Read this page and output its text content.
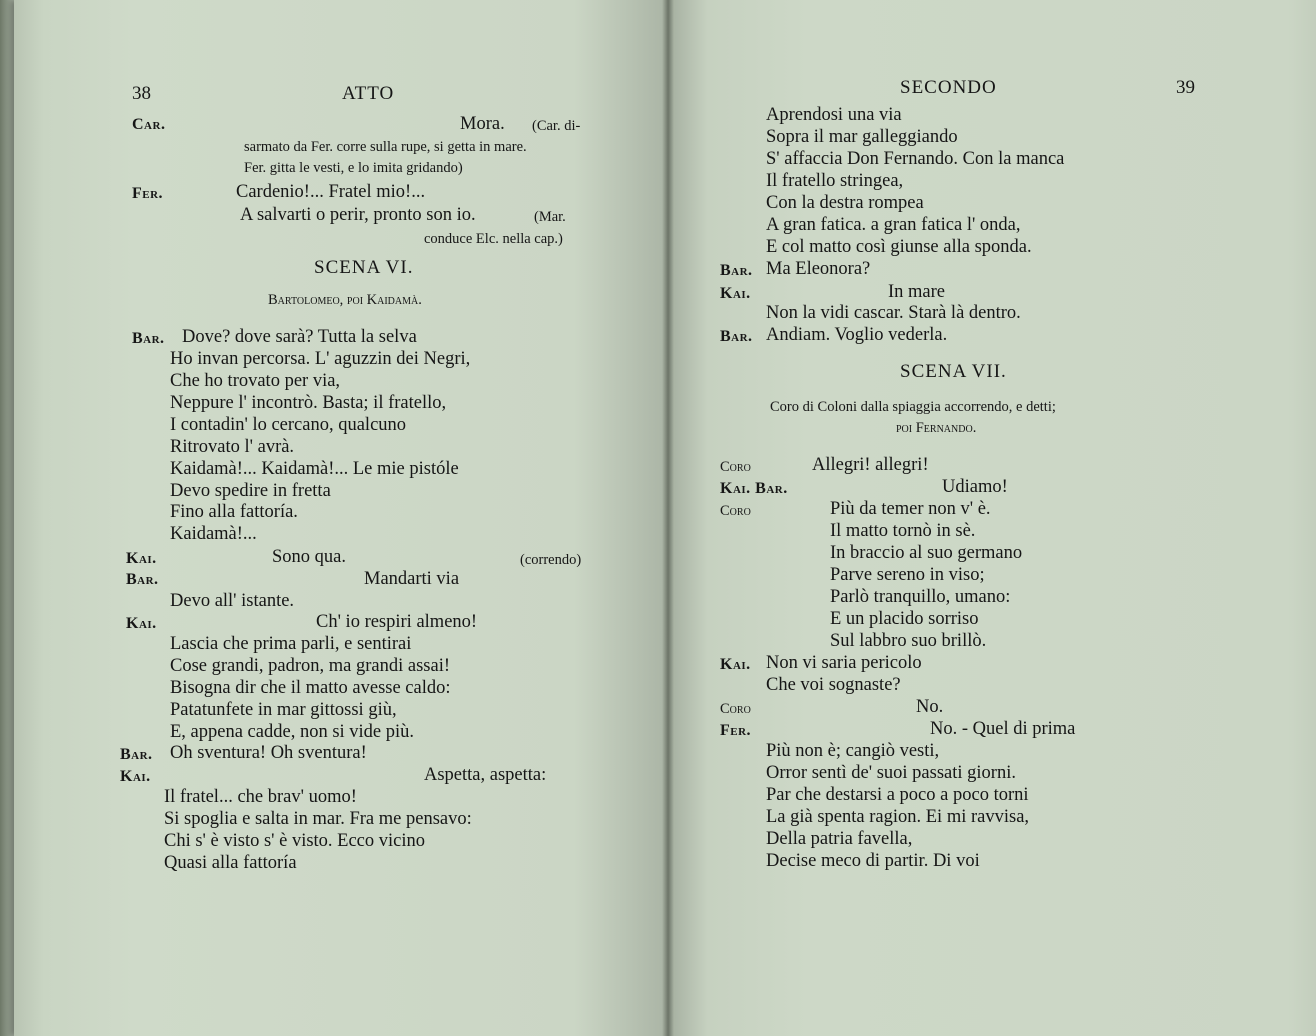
38	ATTO
Car.	Mora. (Car. di-
sarmato da Fer. corre sulla rupe, si getta in mare.
Fer. gitta le vesti, e lo imita gridando)
Fer.	Cardenio!... Fratel mio!...
A salvarti o perir, pronto son io.	(Mar.
conduce Elc. nella cap.)
SCENA VI.
Bartolomeo, poi Kaidamà.
Bar. Dove? dove sarà? Tutta la selva
Ho invan percorsa. L' aguzzin dei Negri,
Che ho trovato per via,
Neppure l' incontrò. Basta; il fratello,
I contadin' lo cercano, qualcuno
Ritrovato l' avrà.
Kaidamà!... Kaidamà!... Le mie pistóle
Devo spedire in fretta
Fino alla fattoría.
Kaidamà!...
Kai.	Sono qua.	(correndo)
Bar.	Mandarti via
Devo all' istante.
Kai.	Ch' io respiri almeno!
Lascia che prima parli, e sentirai
Cose grandi, padron, ma grandi assai!
Bisogna dir che il matto avesse caldo:
Patatunfete in mar gittossi giù,
E, appena cadde, non si vide più.
Bar. Oh sventura! Oh sventura!
Kai.	Aspetta, aspetta:
Il fratel... che brav' uomo!
Si spoglia e salta in mar. Fra me pensavo:
Chi s' è visto s' è visto. Ecco vicino
Quasi alla fattoría
SECONDO	39
Aprendosi una via
Sopra il mar galleggiando
S' affaccia Don Fernando. Con la manca
Il fratello stringea,
Con la destra rompea
A gran fatica. a gran fatica l' onda,
E col matto così giunse alla sponda.
Bar. Ma Eleonora?
Kai.	In mare
Non la vidi cascar. Starà là dentro.
Bar. Andiam. Voglio vederla.
SCENA VII.
Coro di Coloni dalla spiaggia accorrendo, e detti;
poi Fernando.
Coro	Allegri! allegri!
Kai. Bar.	Udiamo!
Coro	Più da temer non v' è.
Il matto tornò in sè.
In braccio al suo germano
Parve sereno in viso;
Parlò tranquillo, umano:
E un placido sorriso
Sul labbro suo brillò.
Kai. Non vi saria pericolo
Che voi sognaste?
Coro	No.
Fer.	No. - Quel di prima
Più non è; cangiò vesti,
Orror sentì de' suoi passati giorni.
Par che destarsi a poco a poco torni
La già spenta ragion. Ei mi ravvisa,
Della patria favella,
Decise meco di partir. Di voi
